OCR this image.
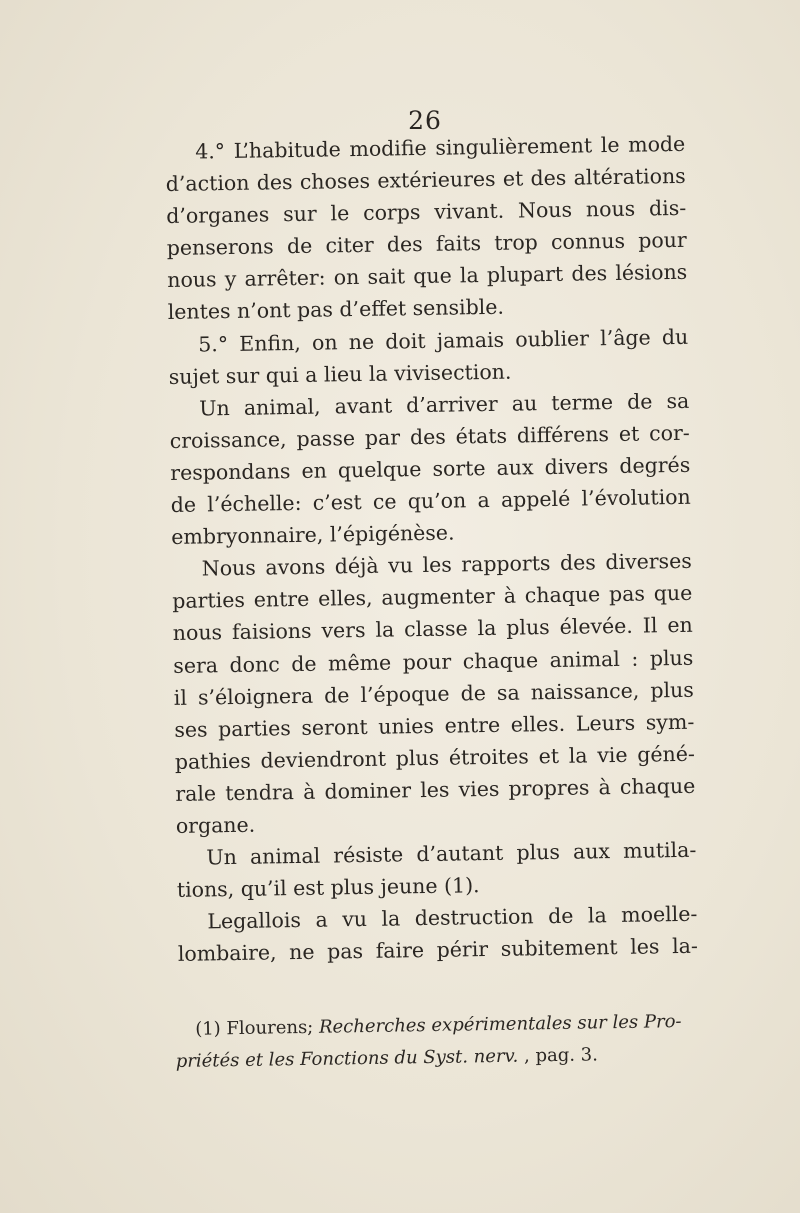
26
4.° L’habitude modifie singulièrement le mode
d’action des choses extérieures et des altérations
d’organes sur le corps vivant. Nous nous dis-
penserons de citer des faits trop connus pour
nous y arrêter: on sait que la plupart des lésions
lentes n’ont pas d’effet sensible.
5.° Enfin, on ne doit jamais oublier l’âge du
sujet sur qui a lieu la vivisection.
Un animal, avant d’arriver au terme de sa
croissance, passe par des états différens et cor-
respondans en quelque sorte aux divers degrés
de l’échelle: c’est ce qu’on a appelé l’évolution
embryonnaire, l’épigénèse.
Nous avons déjà vu les rapports des diverses
parties entre elles, augmenter à chaque pas que
nous faisions vers la classe la plus élevée. Il en
sera donc de même pour chaque animal : plus
il s’éloignera de l’époque de sa naissance, plus
ses parties seront unies entre elles. Leurs sym-
pathies deviendront plus étroites et la vie géné-
rale tendra à dominer les vies propres à chaque
organe.
Un animal résiste d’autant plus aux mutila-
tions, qu’il est plus jeune (1).
Legallois a vu la destruction de la moelle-
lombaire, ne pas faire périr subitement les la-
(1) Flourens; Recherches expérimentales sur les Pro-
priétés et les Fonctions du Syst. nerv. , pag. 3.
